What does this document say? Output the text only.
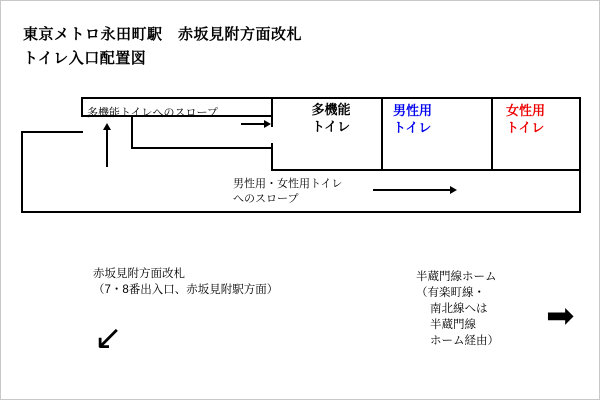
東京メトロ永田町駅　赤坂見附方面改札
トイレ入口配置図
多機能
トイレ
男性用
トイレ
女性用
トイレ
多機能トイレへのスロープ
男性用・女性用トイレ
へのスロープ
赤坂見附方面改札
（7・8番出入口、赤坂見附駅方面）
↙
半蔵門線ホーム
（有楽町線・
南北線へは
半蔵門線
ホーム経由）
➡
